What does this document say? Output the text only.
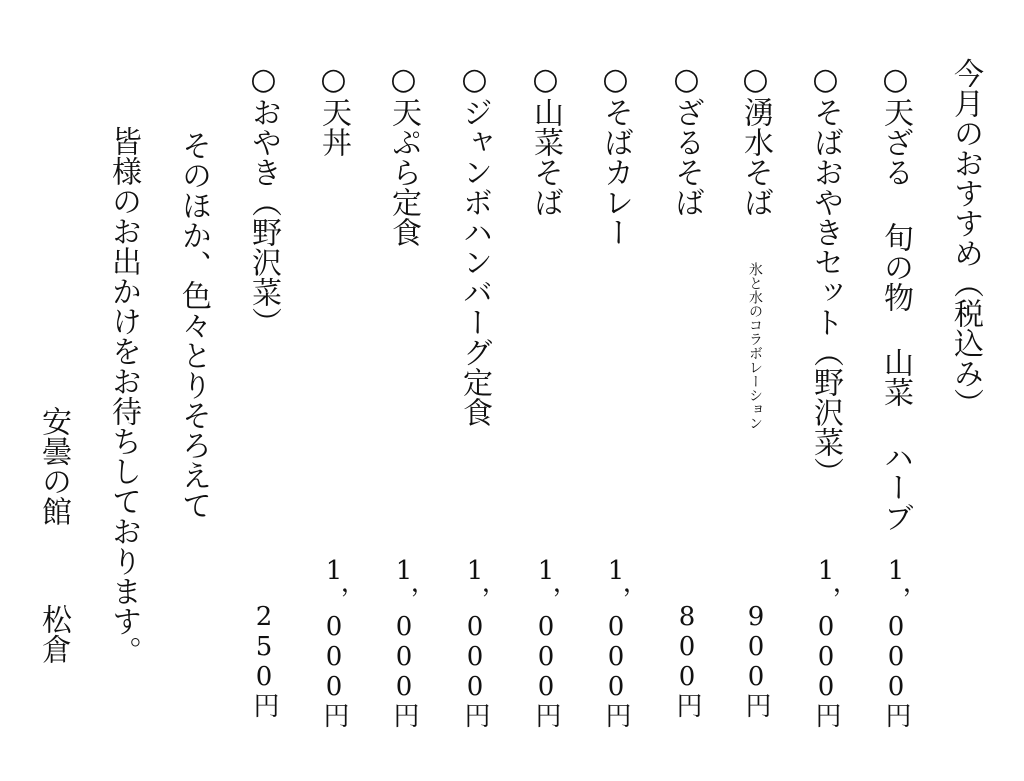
今月のおすすめ（税込み）
○天ざる 旬の物 山菜 ハーブ
1，000円
○そばおやきセット（野沢菜）
1，000円
○湧水そば
氷と水のコラボレーション
900円
○ざるそば
800円
○そばカレー
1，000円
○山菜そば
1，000円
○ジャンボハンバーグ定食
1，000円
○天ぷら定食
1，000円
○天丼
1，000円
○おやき（野沢菜）
250円
そのほか、色々とりそろえて
皆様のお出かけをお待ちしております。
安曇の館
松倉
